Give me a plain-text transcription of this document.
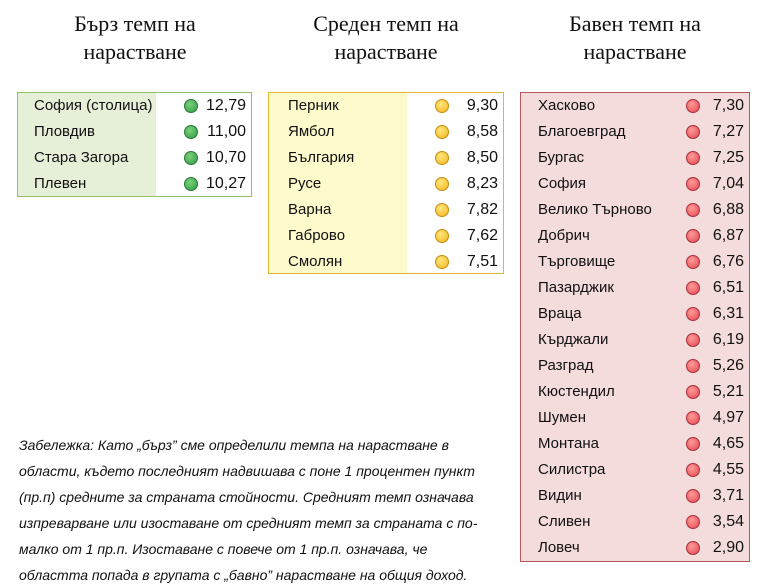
Бърз темп на
нарастване
Среден темп на
нарастване
Бавен темп на
нарастване
София (столица)	12,79
Пловдив	11,00
Стара Загора	10,70
Плевен	10,27
Перник	9,30
Ямбол	8,58
България	8,50
Русе	8,23
Варна	7,82
Габрово	7,62
Смолян	7,51
Хасково	7,30
Благоевград	7,27
Бургас	7,25
София	7,04
Велико Търново	6,88
Добрич	6,87
Търговище	6,76
Пазарджик	6,51
Враца	6,31
Кърджали	6,19
Разград	5,26
Кюстендил	5,21
Шумен	4,97
Монтана	4,65
Силистра	4,55
Видин	3,71
Сливен	3,54
Ловеч	2,90
Забележка: Като „бърз” сме определили темпа на нарастване в
области, където последният надвишава с поне 1 процентен пункт
(пр.п) средните за страната стойности. Средният темп означава
изпреварване или изоставане от средният темп за страната с по-
малко от 1 пр.п. Изоставане с повече от 1 пр.п. означава, че
областта попада в групата с „бавно” нарастване на общия доход.
